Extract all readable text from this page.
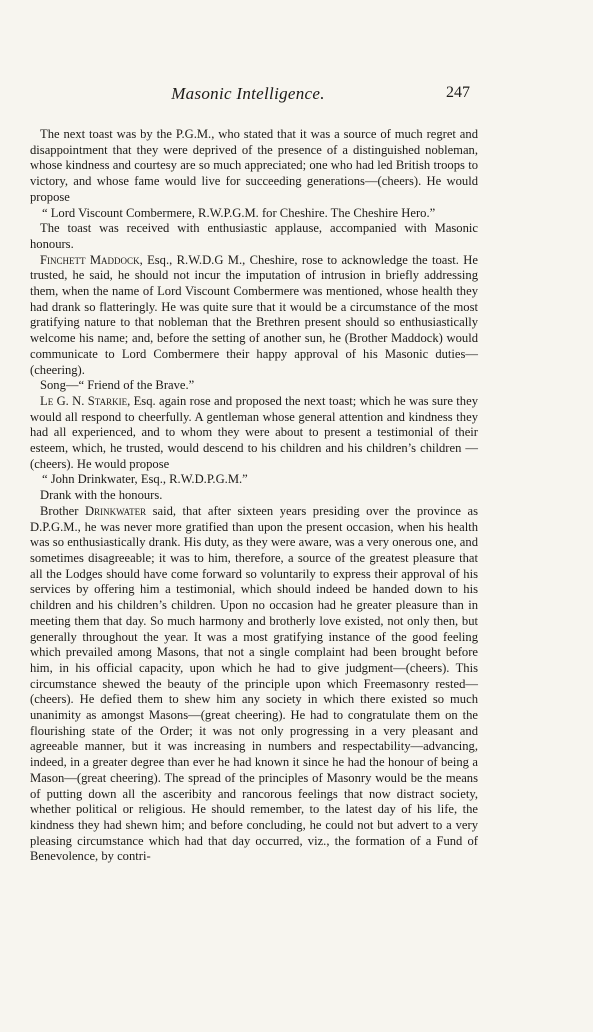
Masonic Intelligence.	247

The next toast was by the P.G.M., who stated that it was a source of much regret and disappointment that they were deprived of the presence of a distinguished nobleman, whose kindness and courtesy are so much appreciated; one who had led British troops to victory, and whose fame would live for succeeding generations—(cheers). He would propose

“ Lord Viscount Combermere, R.W.P.G.M. for Cheshire. The Cheshire Hero.”

The toast was received with enthusiastic applause, accompanied with Masonic honours.

Fincheтт Maddock, Esq., R.W.D.G M., Cheshire, rose to acknowledge the toast. He trusted, he said, he should not incur the imputation of intrusion in briefly addressing them, when the name of Lord Viscount Combermere was mentioned, whose health they had drank so flatteringly. He was quite sure that it would be a circumstance of the most gratifying nature to that nobleman that the Brethren present should so enthusiastically welcome his name; and, before the setting of another sun, he (Brother Maddock) would communicate to Lord Combermere their happy approval of his Masonic duties—(cheering).

Song—“ Friend of the Brave.”

Le G. N. Starkie, Esq. again rose and proposed the next toast; which he was sure they would all respond to cheerfully. A gentleman whose general attention and kindness they had all experienced, and to whom they were about to present a testimonial of their esteem, which, he trusted, would descend to his children and his children’s children —(cheers). He would propose

“ John Drinkwater, Esq., R.W.D.P.G.M.”

Drank with the honours.

Brother Drinkwater said, that after sixteen years presiding over the province as D.P.G.M., he was never more gratified than upon the present occasion, when his health was so enthusiastically drank. His duty, as they were aware, was a very onerous one, and sometimes disagreeable; it was to him, therefore, a source of the greatest pleasure that all the Lodges should have come forward so voluntarily to express their approval of his services by offering him a testimonial, which should indeed be handed down to his children and his children’s children. Upon no occasion had he greater pleasure than in meeting them that day. So much harmony and brotherly love existed, not only then, but generally throughout the year. It was a most gratifying instance of the good feeling which prevailed among Masons, that not a single complaint had been brought before him, in his official capacity, upon which he had to give judgment—(cheers). This circumstance shewed the beauty of the principle upon which Freemasonry rested—(cheers). He defied them to shew him any society in which there existed so much unanimity as amongst Masons—(great cheering). He had to congratulate them on the flourishing state of the Order; it was not only progressing in a very pleasant and agreeable manner, but it was increasing in numbers and respectability—advancing, indeed, in a greater degree than ever he had known it since he had the honour of being a Mason—(great cheering). The spread of the principles of Masonry would be the means of putting down all the asceribity and rancorous feelings that now distract society, whether political or religious. He should remember, to the latest day of his life, the kindness they had shewn him; and before concluding, he could not but advert to a very pleasing circumstance which had that day occurred, viz., the formation of a Fund of Benevolence, by contri-
